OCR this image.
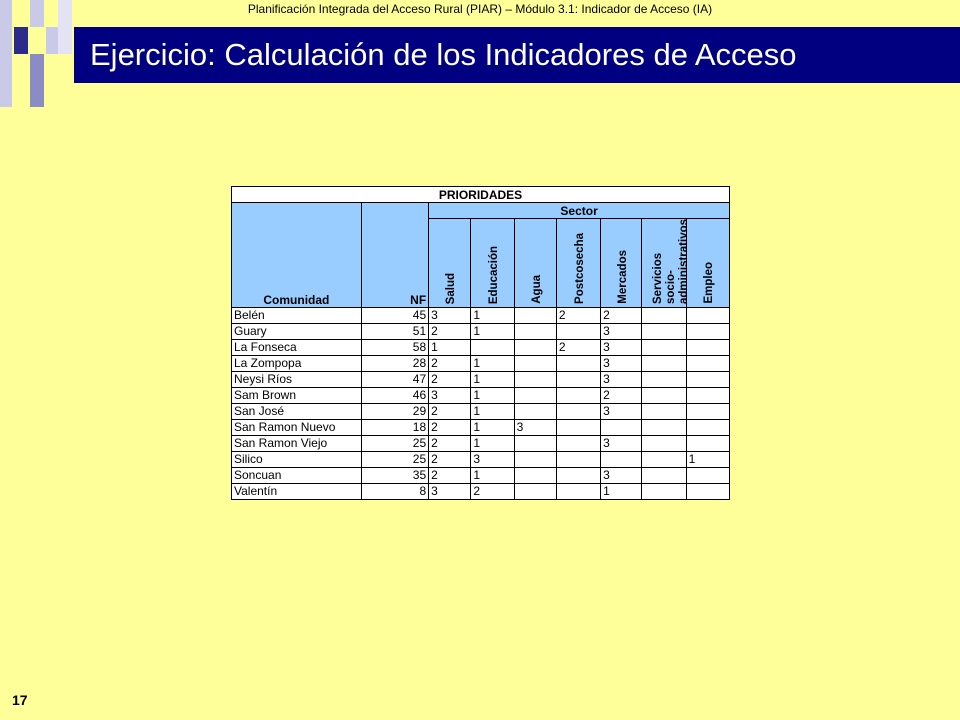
Planificación Integrada del Acceso Rural (PIAR) – Módulo 3.1: Indicador de Acceso (IA)
Ejercicio: Calculación de los Indicadores de Acceso
PRIORIDADES								
Comunidad	NF	Sector						
		Salud	Educación	Agua	Postcosecha	Mercados	Servicios socio-administrativos	Empleo
Belén	45	3	1		2	2		
Guary	51	2	1			3		
La Fonseca	58	1			2	3		
La Zompopa	28	2	1			3		
Neysi Ríos	47	2	1			3		
Sam Brown	46	3	1			2		
San José	29	2	1			3		
San Ramon Nuevo	18	2	1	3				
San Ramon Viejo	25	2	1			3		
Silico	25	2	3					1
Soncuan	35	2	1			3		
Valentín	8	3	2			1		
17
